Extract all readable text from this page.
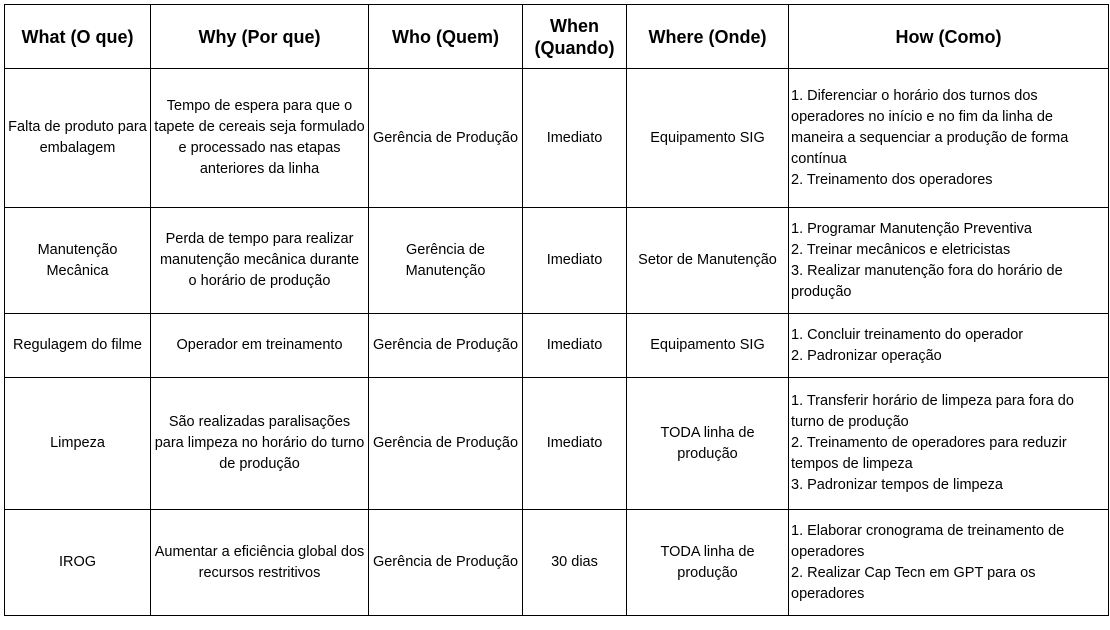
What (O que)	Why (Por que)	Who (Quem)	When (Quando)	Where (Onde)	How (Como)
Falta de produto para embalagem	Tempo de espera para que o tapete de cereais seja formulado e processado nas etapas anteriores da linha	Gerência de Produção	Imediato	Equipamento SIG	1. Diferenciar o horário dos turnos dos operadores no início e no fim da linha de maneira a sequenciar a produção de forma contínua
2. Treinamento dos operadores

Manutenção Mecânica	Perda de tempo para realizar manutenção mecânica durante o horário de produção	Gerência de Manutenção	Imediato	Setor de Manutenção	1. Programar Manutenção Preventiva
2. Treinar mecânicos e eletricistas
3. Realizar manutenção fora do horário de produção

Regulagem do filme	Operador em treinamento	Gerência de Produção	Imediato	Equipamento SIG	1. Concluir treinamento do operador
2. Padronizar operação

Limpeza	São realizadas paralisações para limpeza no horário do turno de produção	Gerência de Produção	Imediato	TODA linha de produção	1. Transferir horário de limpeza para fora do turno de produção
2. Treinamento de operadores para reduzir tempos de limpeza
3. Padronizar tempos de limpeza

IROG	Aumentar a eficiência global dos recursos restritivos	Gerência de Produção	30 dias	TODA linha de produção	1. Elaborar cronograma de treinamento de operadores
2. Realizar Cap Tecn em GPT para os operadores
